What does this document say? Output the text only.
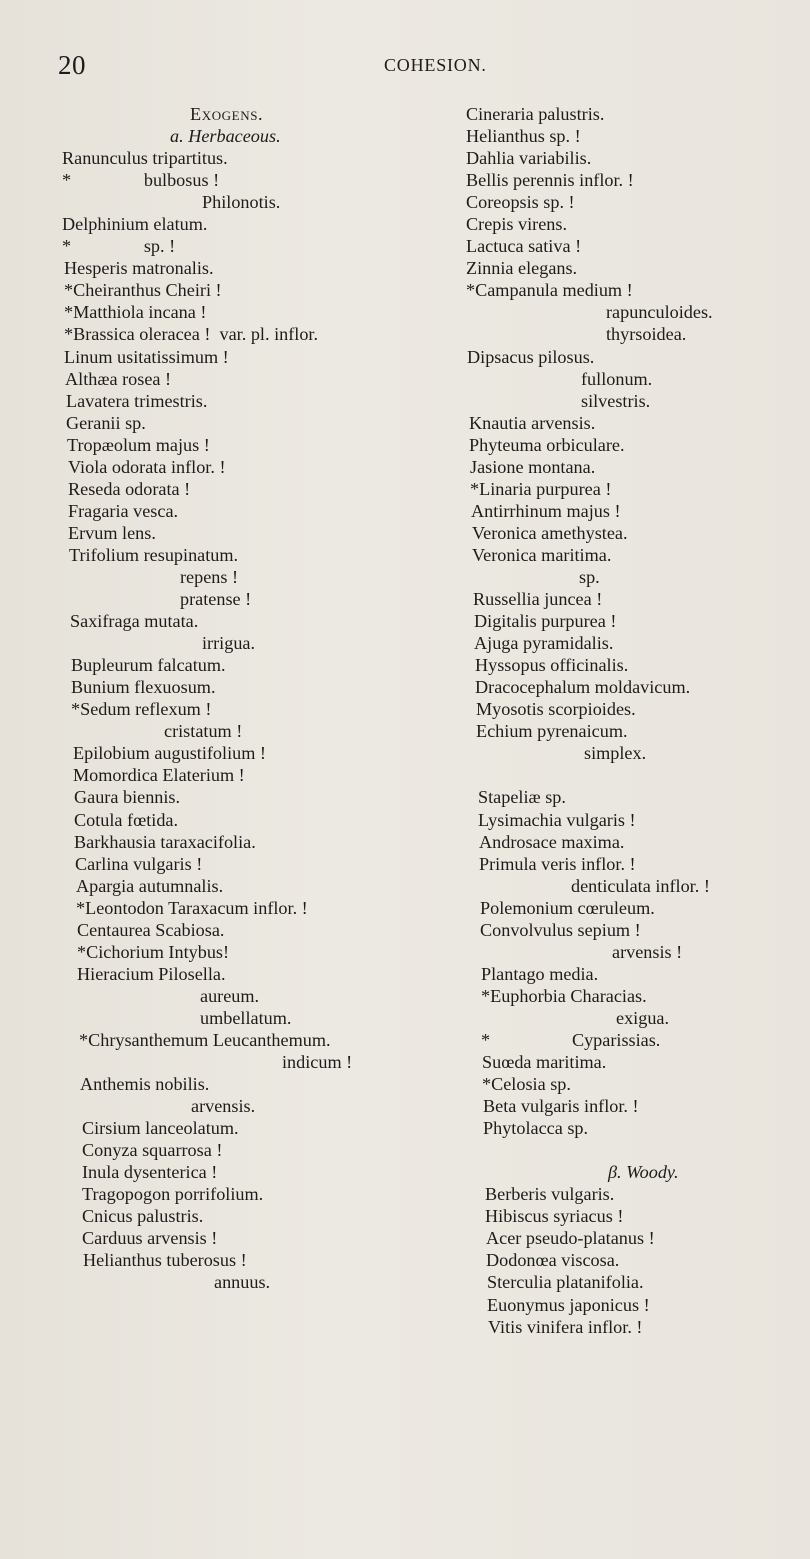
20	COHESION.
Exogens.
a. Herbaceous.
Ranunculus tripartitus.
*                bulbosus !
Philonotis.
Delphinium elatum.
*                sp. !
Hesperis matronalis.
*Cheiranthus Cheiri !
*Matthiola incana !
*Brassica oleracea !  var. pl. inflor.
Linum usitatissimum !
Althæa rosea !
Lavatera trimestris.
Geranii sp.
Tropæolum majus !
Viola odorata inflor. !
Reseda odorata !
Fragaria vesca.
Ervum lens.
Trifolium resupinatum.
repens !
pratense !
Saxifraga mutata.
irrigua.
Bupleurum falcatum.
Bunium flexuosum.
*Sedum reflexum !
cristatum !
Epilobium augustifolium !
Momordica Elaterium !
Gaura biennis.
Cotula fœtida.
Barkhausia taraxacifolia.
Carlina vulgaris !
Apargia autumnalis.
*Leontodon Taraxacum inflor. !
Centaurea Scabiosa.
*Cichorium Intybus!
Hieracium Pilosella.
aureum.
umbellatum.
*Chrysanthemum Leucanthemum.
indicum !
Anthemis nobilis.
arvensis.
Cirsium lanceolatum.
Conyza squarrosa !
Inula dysenterica !
Tragopogon porrifolium.
Cnicus palustris.
Carduus arvensis !
Helianthus tuberosus !
annuus.
Cineraria palustris.
Helianthus sp. !
Dahlia variabilis.
Bellis perennis inflor. !
Coreopsis sp. !
Crepis virens.
Lactuca sativa !
Zinnia elegans.
*Campanula medium !
rapunculoides.
thyrsoidea.
Dipsacus pilosus.
fullonum.
silvestris.
Knautia arvensis.
Phyteuma orbiculare.
Jasione montana.
*Linaria purpurea !
Antirrhinum majus !
Veronica amethystea.
Veronica maritima.
sp.
Russellia juncea !
Digitalis purpurea !
Ajuga pyramidalis.
Hyssopus officinalis.
Dracocephalum moldavicum.
Myosotis scorpioides.
Echium pyrenaicum.
simplex.
Stapeliæ sp.
Lysimachia vulgaris !
Androsace maxima.
Primula veris inflor. !
denticulata inflor. !
Polemonium cœruleum.
Convolvulus sepium !
arvensis !
Plantago media.
*Euphorbia Characias.
exigua.
*                  Cyparissias.
Suœda maritima.
*Celosia sp.
Beta vulgaris inflor. !
Phytolacca sp.
β. Woody.
Berberis vulgaris.
Hibiscus syriacus !
Acer pseudo-platanus !
Dodonœa viscosa.
Sterculia platanifolia.
Euonymus japonicus !
Vitis vinifera inflor. !
